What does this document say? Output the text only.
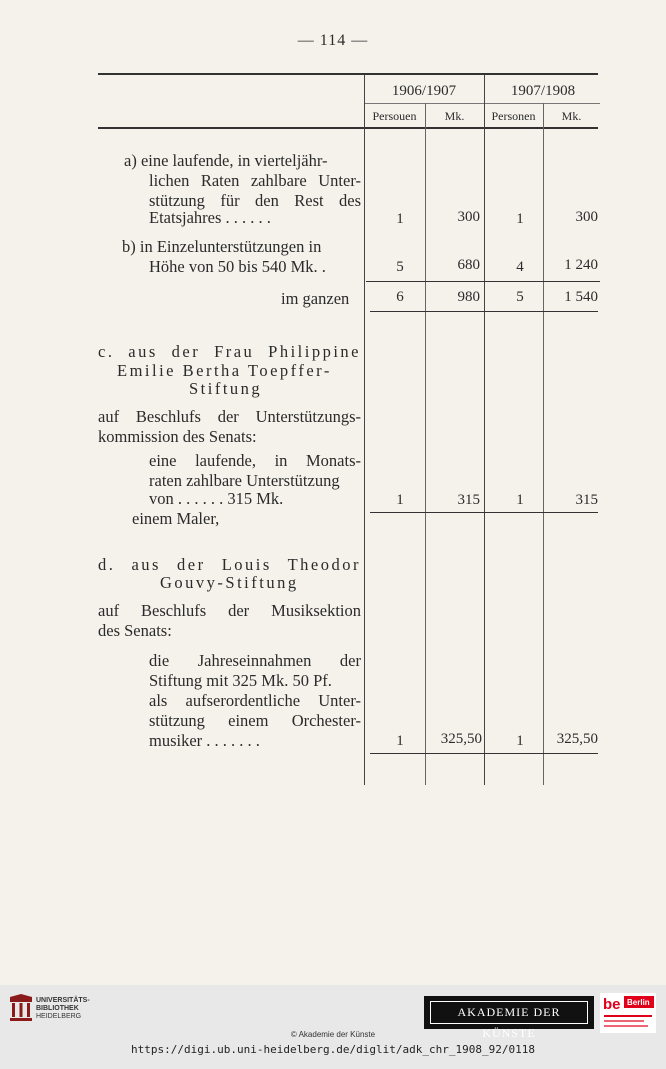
— 114 —
1906/1907	1907/1908
Persouen	Mk.	Personen	Mk.
a) eine laufende, in vierteljähr-
lichen Raten zahlbare Unter-
stützung für den Rest des
Etatsjahres . . . . . .	1	300	1	300
b) in Einzelunterstützungen in
Höhe von 50 bis 540 Mk. .	5	680	4	1 240
im ganzen	6	980	5	1 540
c. aus der Frau Philippine
Emilie Bertha Toepffer-
Stiftung
auf Beschlufs der Unterstützungs-
kommission des Senats:
eine laufende, in Monats-
raten zahlbare Unterstützung
von . . . . . . 315 Mk.
einem Maler,
1	315	1	315
d. aus der Louis Theodor
Gouvy-Stiftung
auf Beschlufs der Musiksektion
des Senats:
die Jahreseinnahmen der
Stiftung mit 325 Mk. 50 Pf.
als aufserordentliche Unter-
stützung einem Orchester-
musiker . . . . . . .	1	325,50	1	325,50
UNIVERSITÄTS-
BIBLIOTHEK
HEIDELBERG	AKADEMIE DER KÜNSTE
be Berlin
© Akademie der Künste
https://digi.ub.uni-heidelberg.de/diglit/adk_chr_1908_92/0118
